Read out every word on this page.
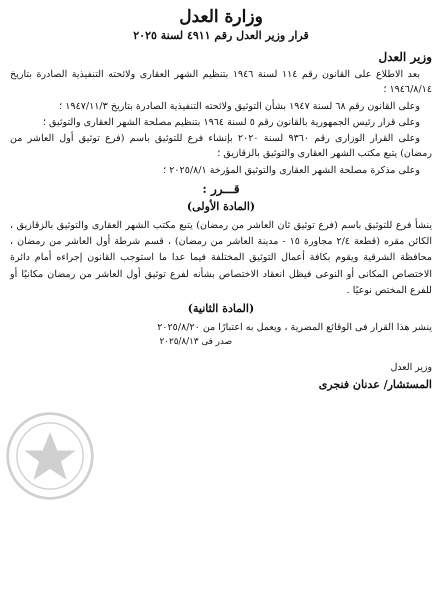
وزارة العدل

قرار وزير العدل رقم ٤٩١١ لسنة ٢٠٢٥

وزير العدل

بعد الاطلاع على القانون رقم ١١٤ لسنة ١٩٤٦ بتنظيم الشهر العقارى ولائحته التنفيذية الصادرة بتاريخ ١٩٤٦/٨/١٤ ؛

وعلى القانون رقم ٦٨ لسنة ١٩٤٧ بشأن التوثيق ولائحته التنفيذية الصادرة بتاريخ ١٩٤٧/١١/٣ ؛

وعلى قرار رئيس الجمهورية بالقانون رقم ٥ لسنة ١٩٦٤ بتنظيم مصلحة الشهر العقارى والتوثيق ؛

وعلى القرار الوزارى رقم ٩٣٦٠ لسنة ٢٠٢٠ بإنشاء فرع للتوثيق باسم (فرع توثيق أول العاشر من رمضان) يتبع مكتب الشهر العقارى والتوثيق بالزقازيق ؛

وعلى مذكرة مصلحة الشهر العقارى والتوثيق المؤرخة ٢٠٢٥/٨/١ ؛

قـــرر :

(المادة الأولى)

ينشأ فرع للتوثيق باسم (فرع توثيق ثان العاشر من رمضان) يتبع مكتب الشهر العقارى والتوثيق بالزقازيق ، الكائن مقره (قطعة ٢/٤ مجاورة ١٥ - مدينة العاشر من رمضان) ، قسم شرطة أول العاشر من رمضان ، محافظة الشرقية ويقوم بكافة أعمال التوثيق المختلفة فيما عدا ما استوجب القانون إجراءه أمام دائرة الاختصاص المكانى أو النوعى فيظل انعقاد الاختصاص بشأنه لفرع توثيق أول العاشر من رمضان مكانيًا أو للفرع المختص نوعيًا .

(المادة الثانية)

ينشر هذا القرار فى الوقائع المصرية ، ويعمل به اعتبارًا من ٢٠٢٥/٨/٢٠

صدر فى ٢٠٢٥/٨/١٣

وزير العدل

المستشار/ عدنان فنجرى
